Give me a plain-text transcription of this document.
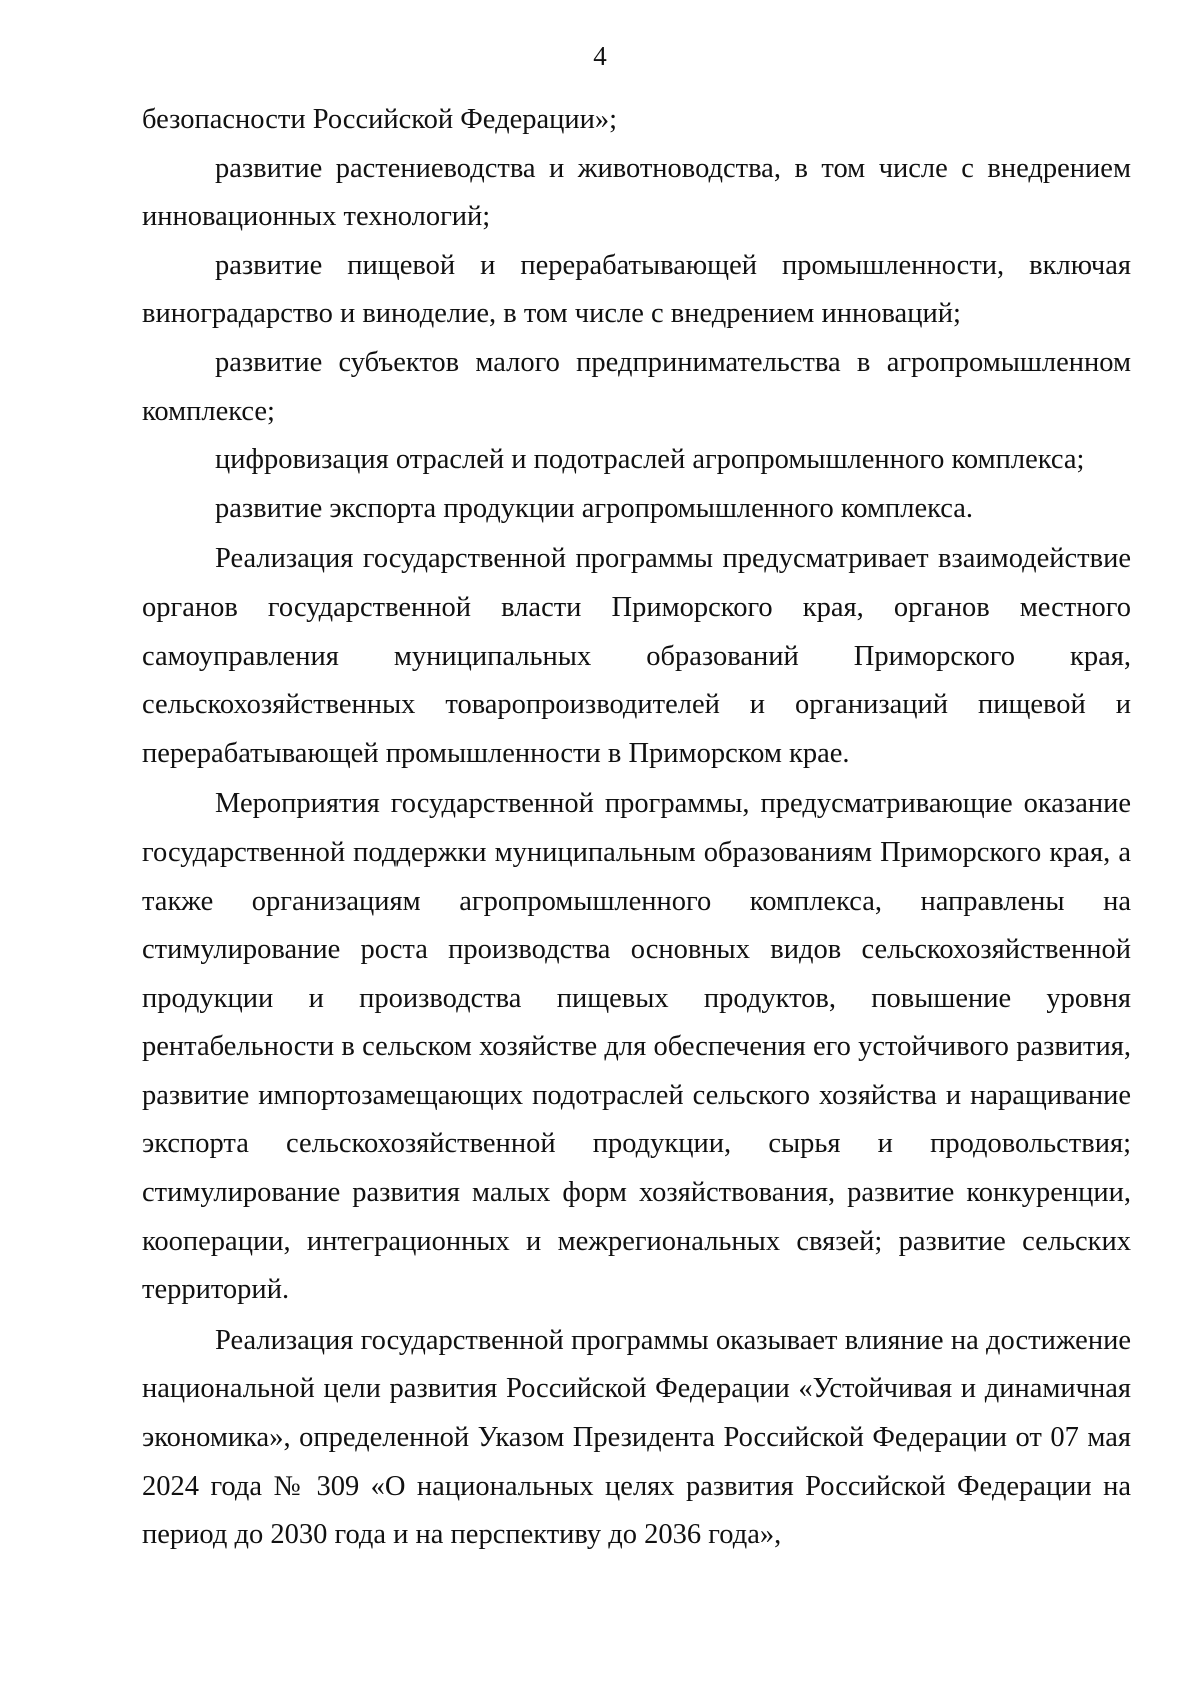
4

безопасности Российской Федерации»;

развитие растениеводства и животноводства, в том числе с внедрением инновационных технологий;

развитие пищевой и перерабатывающей промышленности, включая виноградарство и виноделие, в том числе с внедрением инноваций;

развитие субъектов малого предпринимательства в агропромышленном комплексе;

цифровизация отраслей и подотраслей агропромышленного комплекса;

развитие экспорта продукции агропромышленного комплекса.

Реализация государственной программы предусматривает взаимодействие органов государственной власти Приморского края, органов местного самоуправления муниципальных образований Приморского края, сельскохозяйственных товаропроизводителей и организаций пищевой и перерабатывающей промышленности в Приморском крае.

Мероприятия государственной программы, предусматривающие оказание государственной поддержки муниципальным образованиям Приморского края, а также организациям агропромышленного комплекса, направлены на стимулирование роста производства основных видов сельскохозяйственной продукции и производства пищевых продуктов, повышение уровня рентабельности в сельском хозяйстве для обеспечения его устойчивого развития, развитие импортозамещающих подотраслей сельского хозяйства и наращивание экспорта сельскохозяйственной продукции, сырья и продовольствия; стимулирование развития малых форм хозяйствования, развитие конкуренции, кооперации, интеграционных и межрегиональных связей; развитие сельских территорий.

Реализация государственной программы оказывает влияние на достижение национальной цели развития Российской Федерации «Устойчивая и динамичная экономика», определенной Указом Президента Российской Федерации от 07 мая 2024 года № 309 «О национальных целях развития Российской Федерации на период до 2030 года и на перспективу до 2036 года»,
